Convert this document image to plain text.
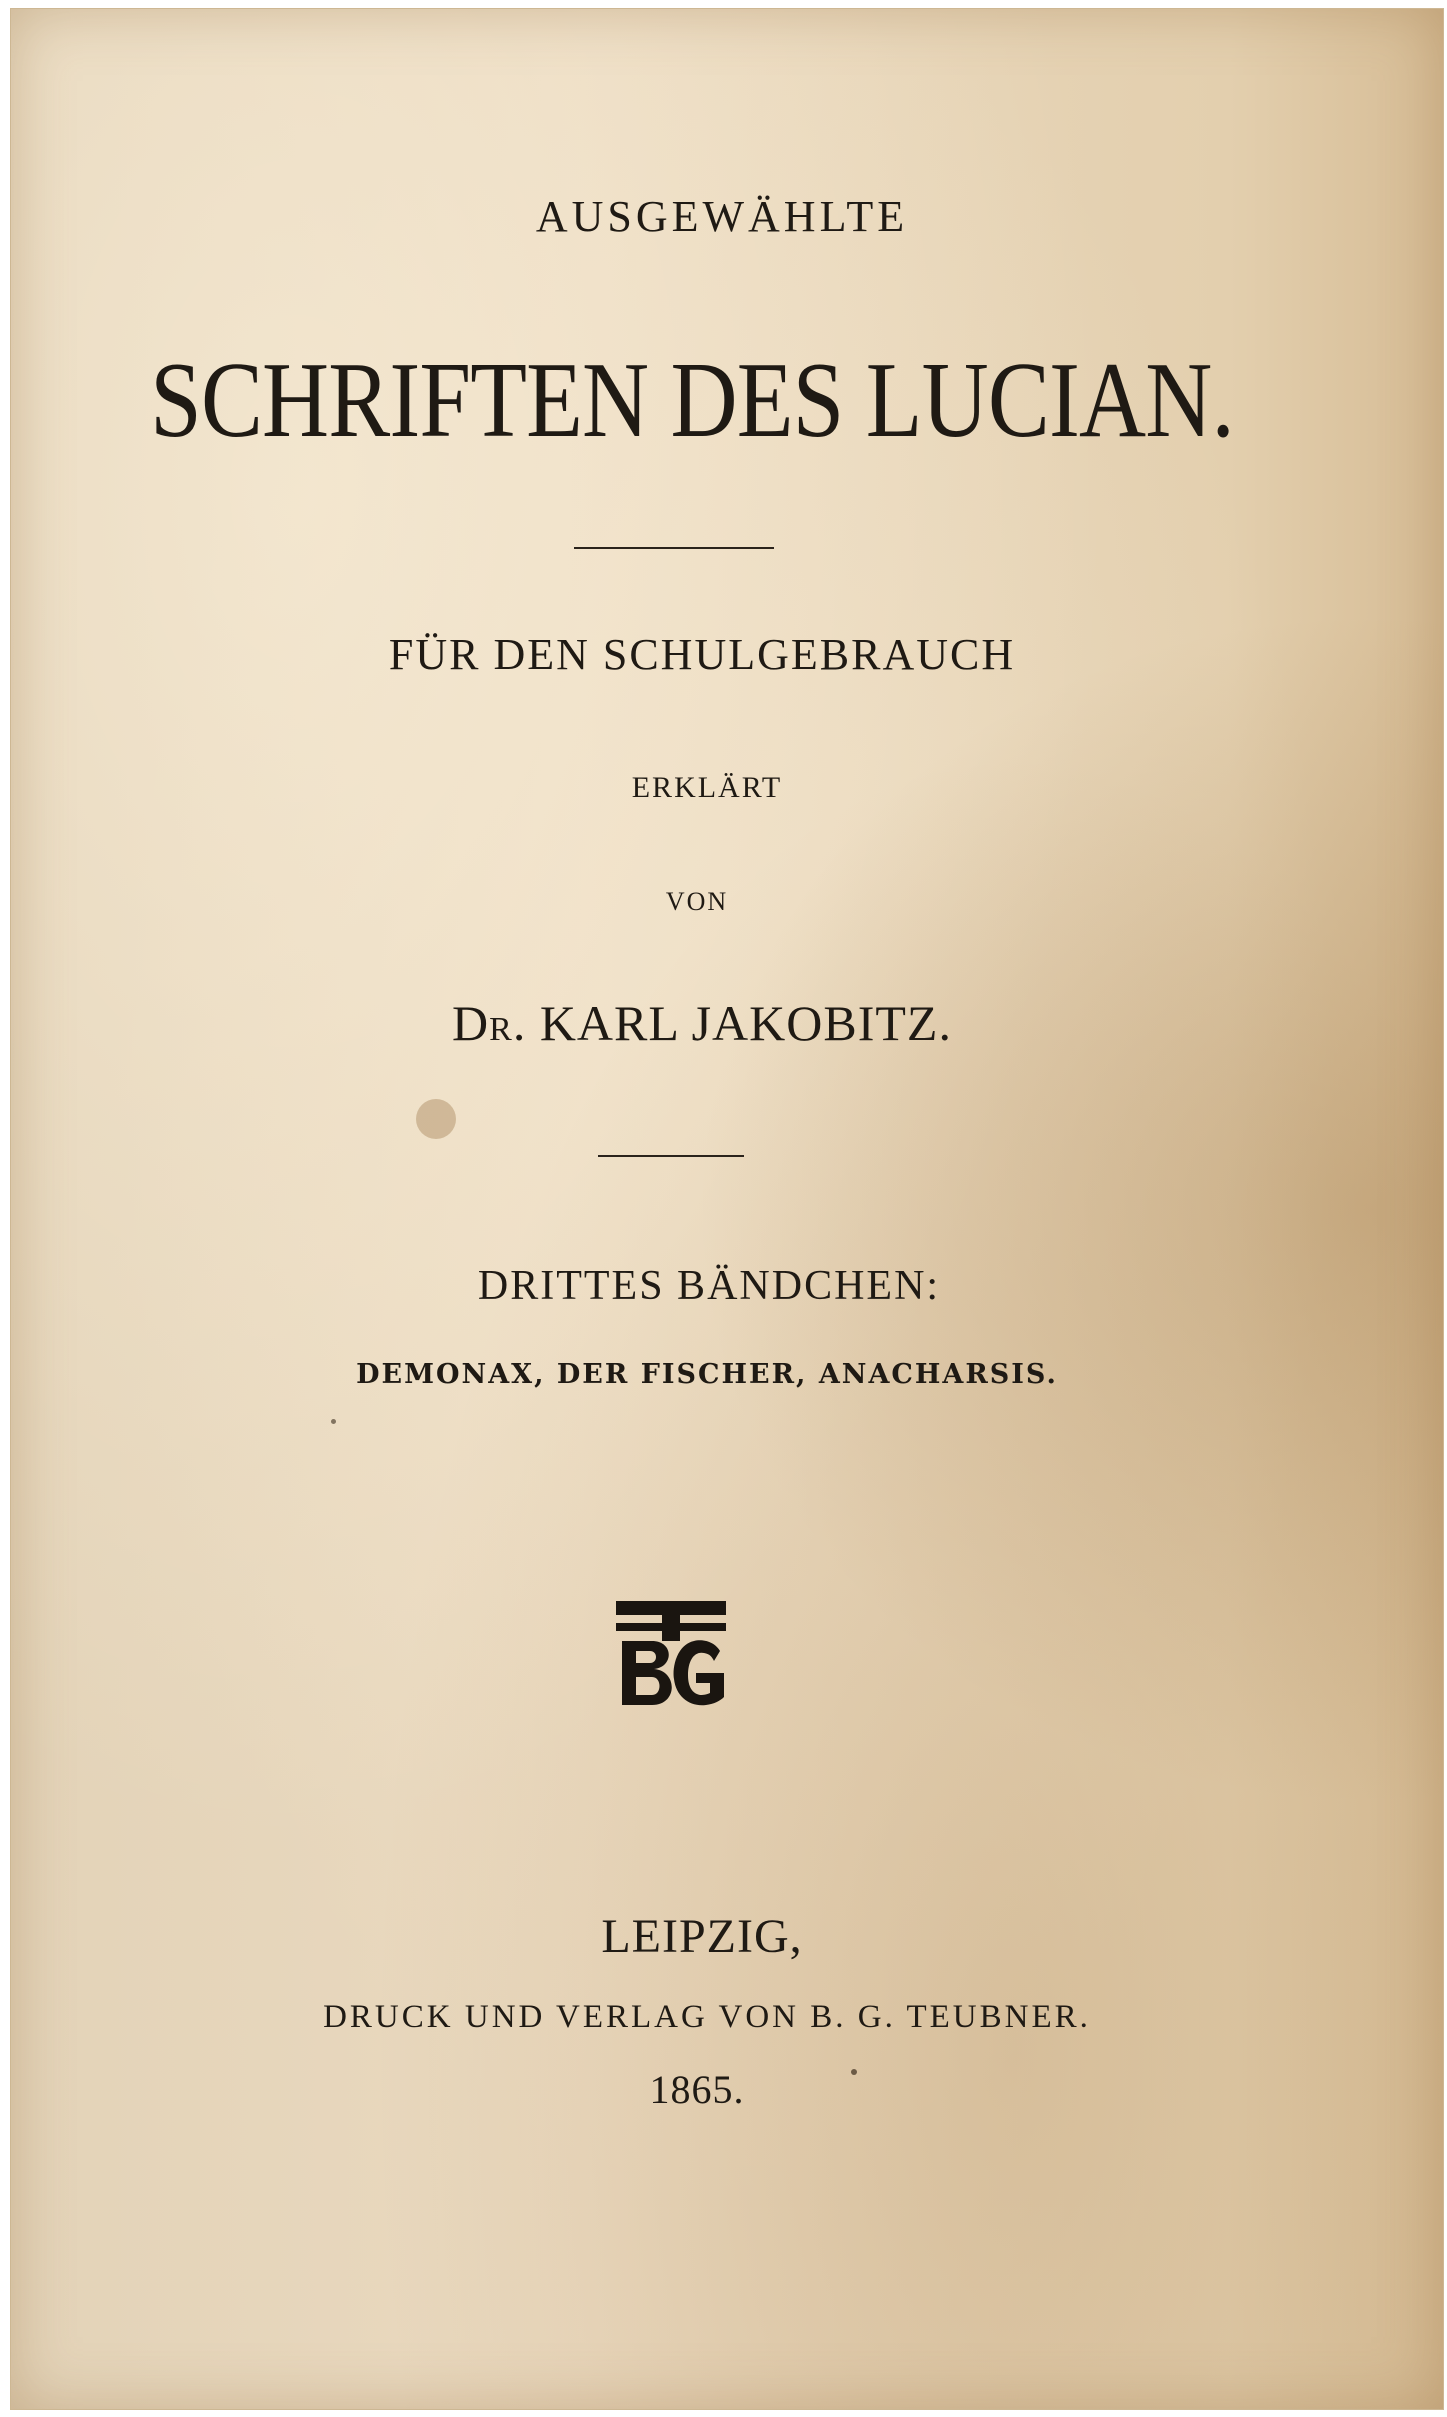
AUSGEWÄHLTE
SCHRIFTEN DES LUCIAN.
FÜR DEN SCHULGEBRAUCH
ERKLÄRT
VON
DR. KARL JAKOBITZ.
DRITTES BÄNDCHEN:
DEMONAX, DER FISCHER, ANACHARSIS.
LEIPZIG,
DRUCK UND VERLAG VON B. G. TEUBNER.
1865.
